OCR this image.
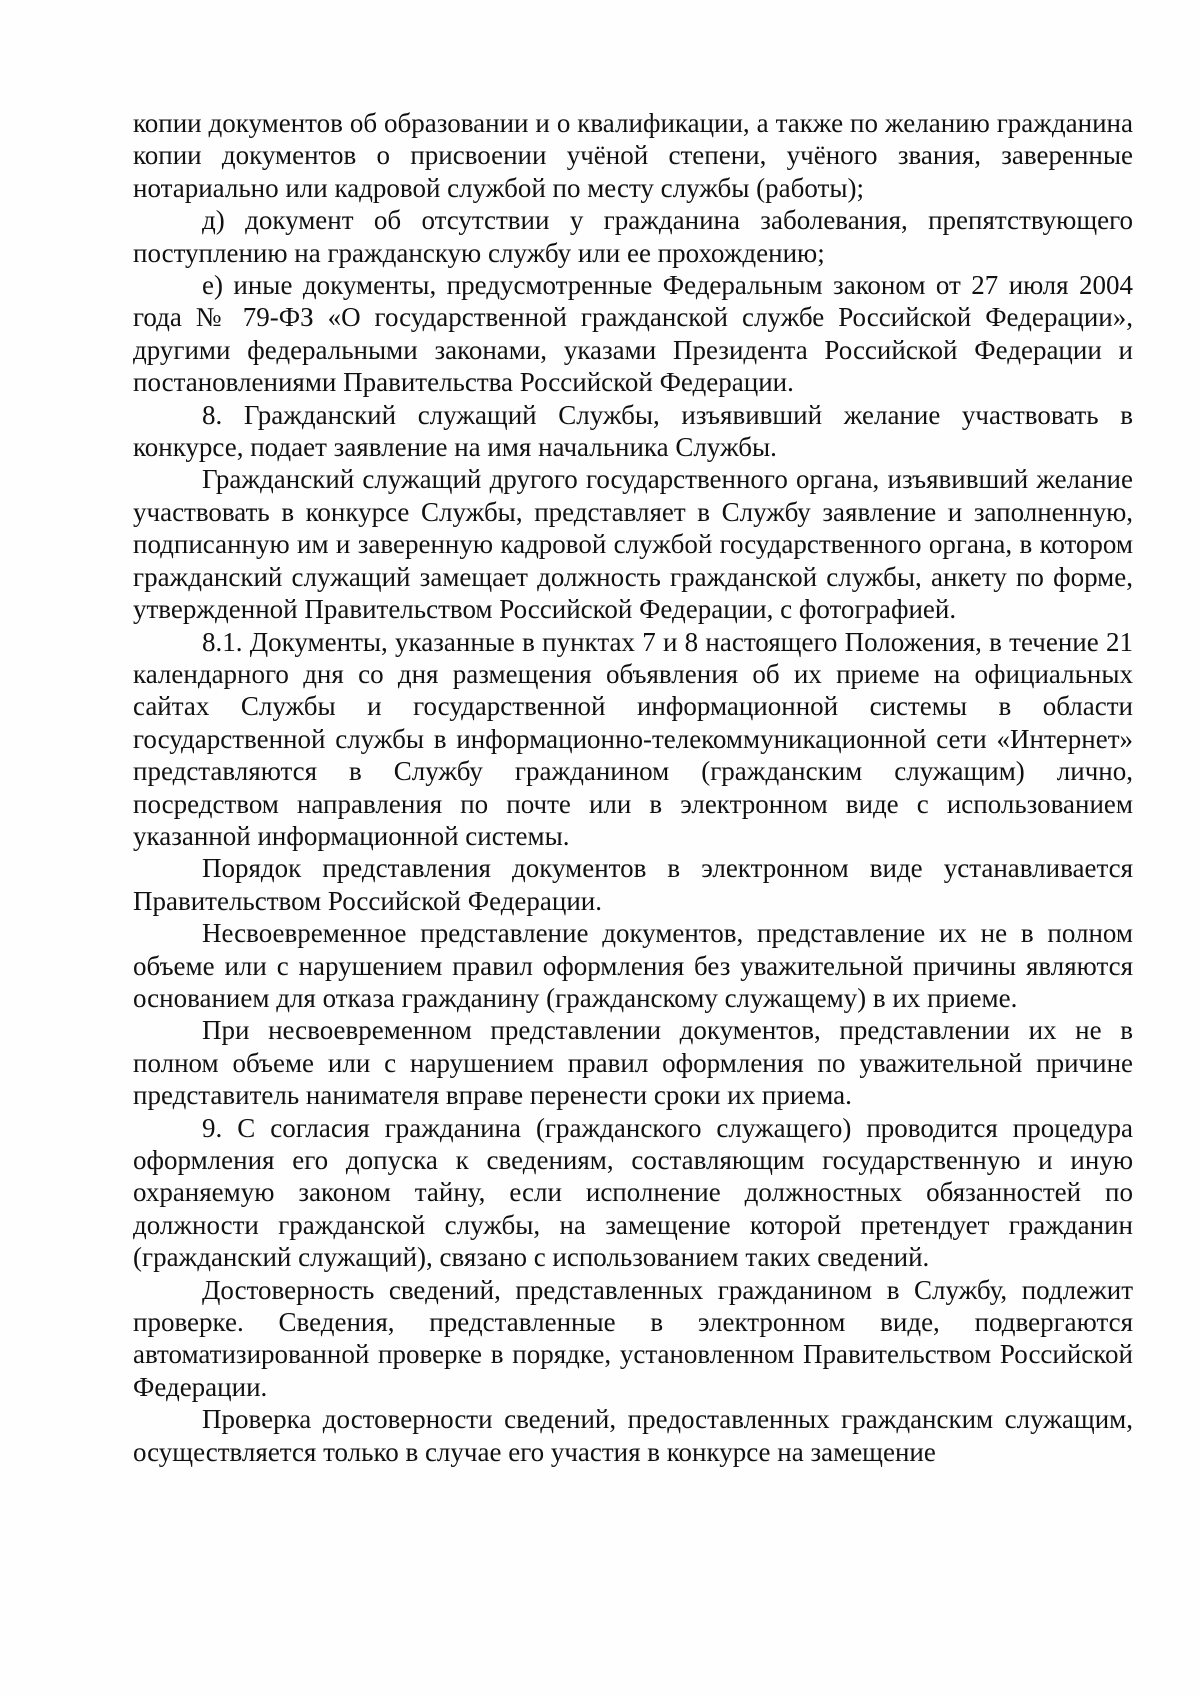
копии документов об образовании и о квалификации, а также по желанию гражданина копии документов о присвоении учёной степени, учёного звания, заверенные нотариально или кадровой службой по месту службы (работы);

д) документ об отсутствии у гражданина заболевания, препятствующего поступлению на гражданскую службу или ее прохождению;

е) иные документы, предусмотренные Федеральным законом от 27 июля 2004 года № 79-ФЗ «О государственной гражданской службе Российской Федерации», другими федеральными законами, указами Президента Российской Федерации и постановлениями Правительства Российской Федерации.

8. Гражданский служащий Службы, изъявивший желание участвовать в конкурсе, подает заявление на имя начальника Службы.

Гражданский служащий другого государственного органа, изъявивший желание участвовать в конкурсе Службы, представляет в Службу заявление и заполненную, подписанную им и заверенную кадровой службой государственного органа, в котором гражданский служащий замещает должность гражданской службы, анкету по форме, утвержденной Правительством Российской Федерации, с фотографией.

8.1. Документы, указанные в пунктах 7 и 8 настоящего Положения, в течение 21 календарного дня со дня размещения объявления об их приеме на официальных сайтах Службы и государственной информационной системы в области государственной службы в информационно-телекоммуникационной сети «Интернет» представляются в Службу гражданином (гражданским служащим) лично, посредством направления по почте или в электронном виде с использованием указанной информационной системы.

Порядок представления документов в электронном виде устанавливается Правительством Российской Федерации.

Несвоевременное представление документов, представление их не в полном объеме или с нарушением правил оформления без уважительной причины являются основанием для отказа гражданину (гражданскому служащему) в их приеме.

При несвоевременном представлении документов, представлении их не в полном объеме или с нарушением правил оформления по уважительной причине представитель нанимателя вправе перенести сроки их приема.

9. С согласия гражданина (гражданского служащего) проводится процедура оформления его допуска к сведениям, составляющим государственную и иную охраняемую законом тайну, если исполнение должностных обязанностей по должности гражданской службы, на замещение которой претендует гражданин (гражданский служащий), связано с использованием таких сведений.

Достоверность сведений, представленных гражданином в Службу, подлежит проверке. Сведения, представленные в электронном виде, подвергаются автоматизированной проверке в порядке, установленном Правительством Российской Федерации.

Проверка достоверности сведений, предоставленных гражданским служащим, осуществляется только в случае его участия в конкурсе на замещение
